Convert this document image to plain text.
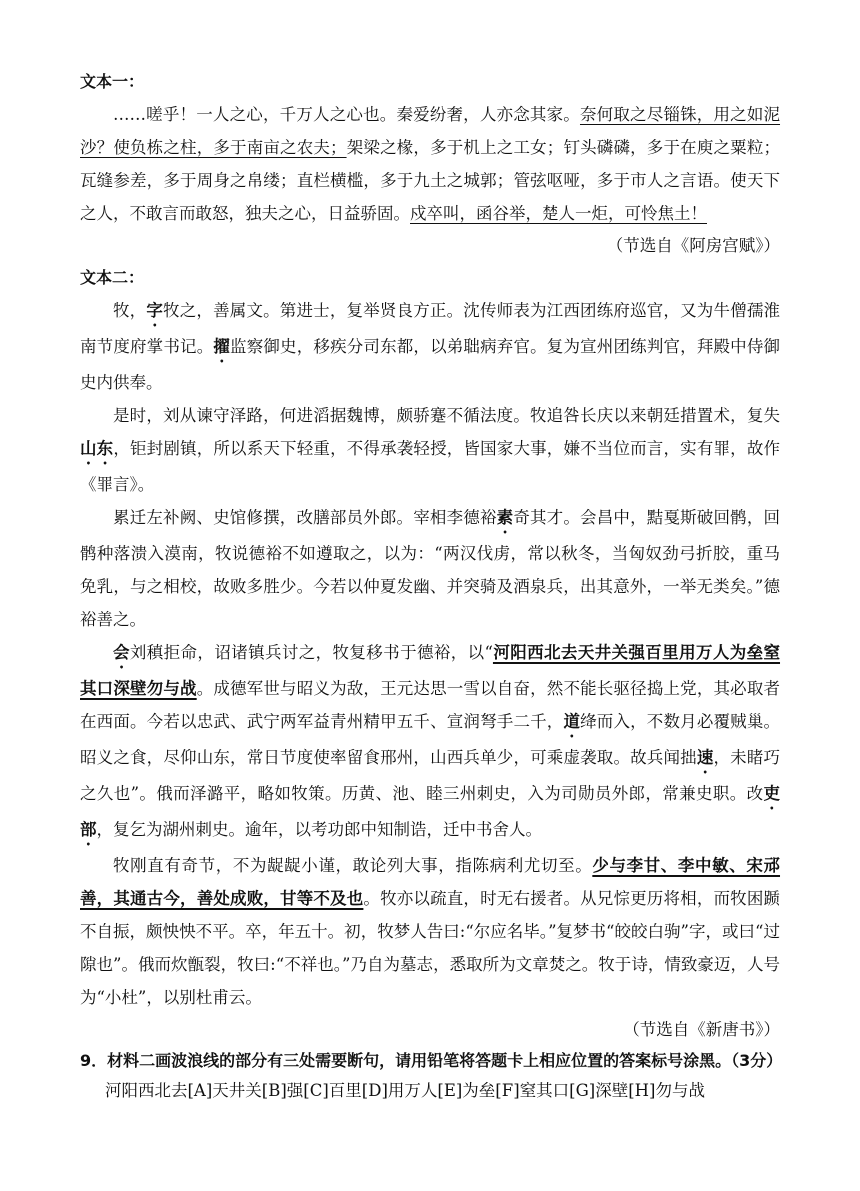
文本一：

……嗟乎！一人之心，千万人之心也。秦爱纷奢，人亦念其家。奈何取之尽锱铢，用之如泥沙？使负栋之柱，多于南亩之农夫；架梁之椽，多于机上之工女；钉头磷磷，多于在庾之粟粒；瓦缝参差，多于周身之帛缕；直栏横槛，多于九土之城郭；管弦呕哑，多于市人之言语。使天下之人，不敢言而敢怒，独夫之心，日益骄固。戍卒叫，函谷举，楚人一炬，可怜焦土！

（节选自《阿房宫赋》）

文本二：

牧，字牧之，善属文。第进士，复举贤良方正。沈传师表为江西团练府巡官，又为牛僧孺淮南节度府掌书记。擢监察御史，移疾分司东都，以弟聉病弃官。复为宣州团练判官，拜殿中侍御史内供奉。

是时，刘从谏守泽路，何进滔据魏博，颇骄蹇不循法度。牧追咎长庆以来朝廷措置术，复失山东，钜封剧镇，所以系天下轻重，不得承袭轻授，皆国家大事，嫌不当位而言，实有罪，故作《罪言》。

累迁左补阙、史馆修撰，改膳部员外郎。宰相李德裕素奇其才。会昌中，黠戛斯破回鹘，回鹘种落溃入漠南，牧说德裕不如遵取之，以为：“两汉伐虏，常以秋冬，当匈奴劲弓折胶，重马免乳，与之相校，故败多胜少。今若以仲夏发幽、并突骑及酒泉兵，出其意外，一举无类矣。”德裕善之。

会刘稹拒命，诏诸镇兵讨之，牧复移书于德裕，以“河阳西北去天井关强百里用万人为垒窒其口深壁勿与战。成德军世与昭义为敌，王元达思一雪以自奋，然不能长驱径捣上党，其必取者在西面。今若以忠武、武宁两军益青州精甲五千、宣润弩手二千，道绛而入，不数月必覆贼巢。昭义之食，尽仰山东，常日节度使率留食邢州，山西兵单少，可乘虚袭取。故兵闻拙速，未睹巧之久也”。俄而泽潞平，略如牧策。历黄、池、睦三州刺史，入为司勋员外郎，常兼史职。改吏部，复乞为湖州刺史。逾年，以考功郎中知制诰，迁中书舍人。

牧刚直有奇节，不为龊龊小谨，敢论列大事，指陈病利尤切至。少与李甘、李中敏、宋邧善，其通古今，善处成败，甘等不及也。牧亦以疏直，时无右援者。从兄悰更历将相，而牧困踬不自振，颇怏怏不平。卒，年五十。初，牧梦人告曰:“尔应名毕。”复梦书“皎皎白驹”字，或曰“过隙也”。俄而炊甑裂，牧曰:“不祥也。”乃自为墓志，悉取所为文章焚之。牧于诗，情致豪迈，人号为“小杜”，以别杜甫云。

（节选自《新唐书》）

9．材料二画波浪线的部分有三处需要断句，请用铅笔将答题卡上相应位置的答案标号涂黑。（3分）

河阳西北去[A]天井关[B]强[C]百里[D]用万人[E]为垒[F]窒其口[G]深壁[H]勿与战
